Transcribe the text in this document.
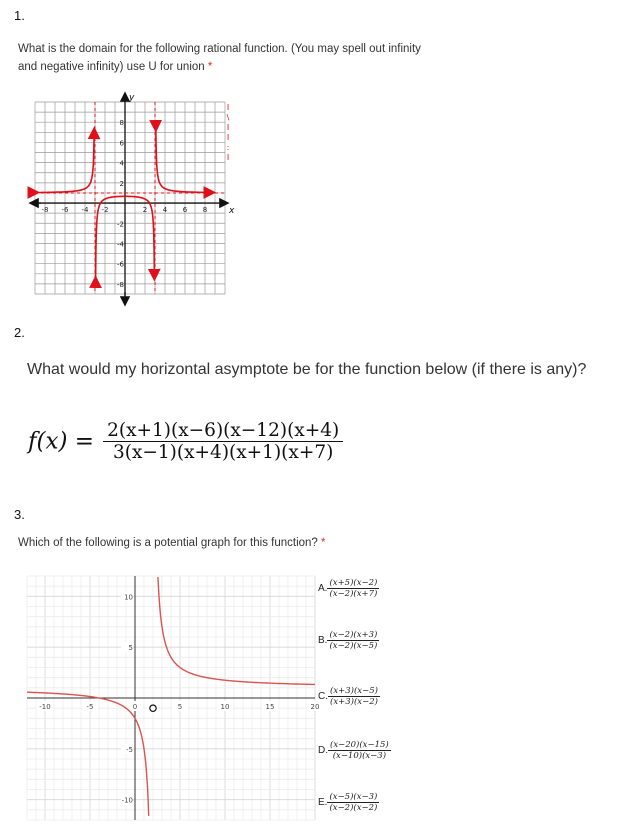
1.
What is the domain for the following rational function. (You may spell out infinity
and negative infinity) use U for union *
x
y
-8 -6 -4 -2	2 4 6 8
8
6
4
2
-2
-4
-6
-8
I
\
I
I
:
I
2.
What would my horizontal asymptote be for the function below (if there is any)?
$f(x) = \frac{2(x+1)(x-6)(x-12)(x+4)}{3(x-1)(x+4)(x+1)(x+7)}$
3.
Which of the following is a potential graph for this function? *
-10	-5	0	5	10	15	20
10
5
-5
-10
A. $\frac{(x+5)(x-2)}{(x-2)(x+7)}$
B. $\frac{(x-2)(x+3)}{(x-2)(x-5)}$
C. $\frac{(x+3)(x-5)}{(x+3)(x-2)}$
D. $\frac{(x-20)(x-15)}{(x-10)(x-3)}$
E. $\frac{(x-5)(x-3)}{(x-2)(x-2)}$
